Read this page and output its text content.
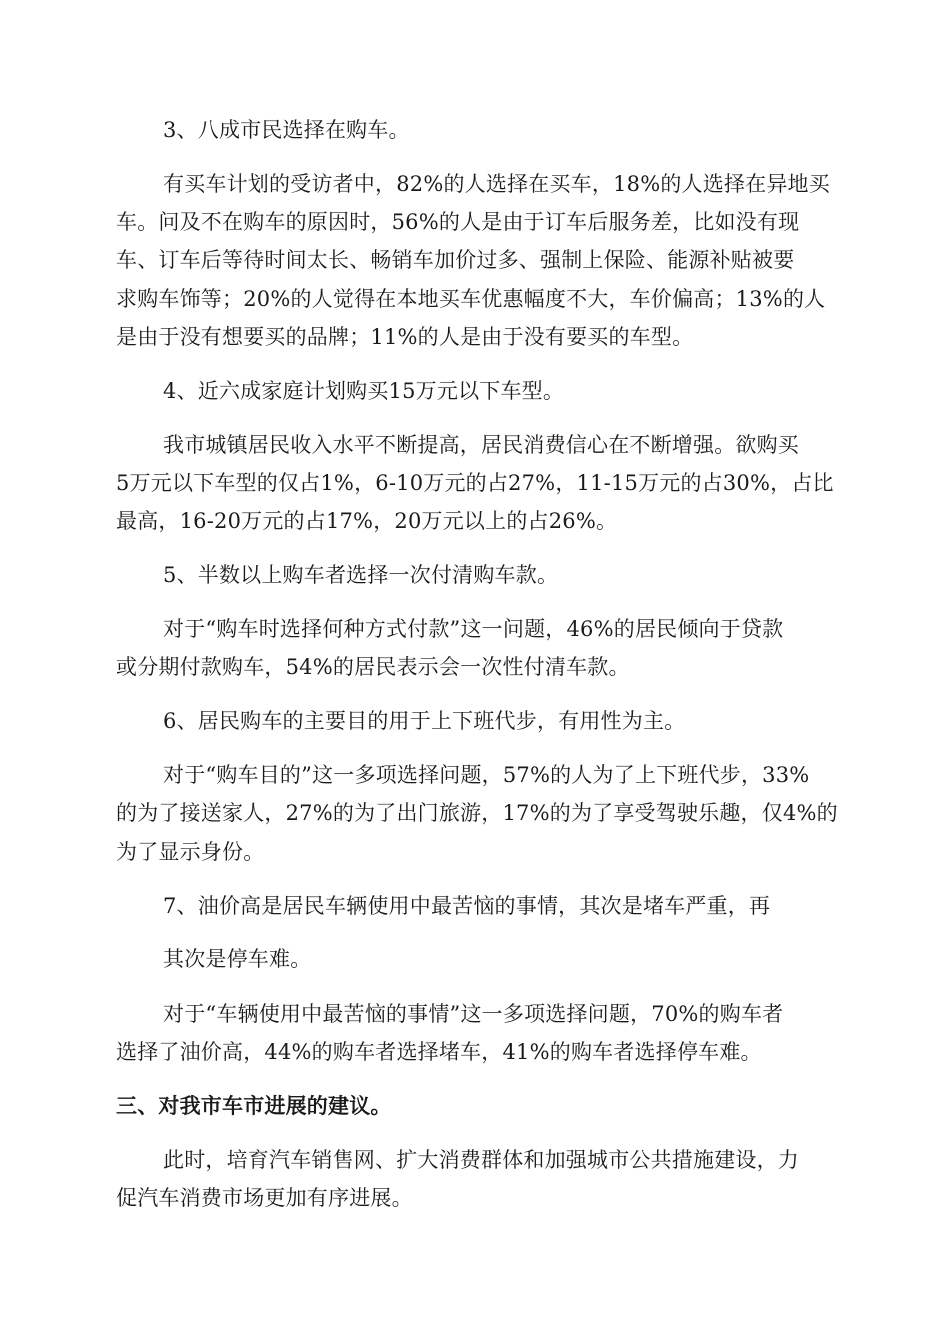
3、八成市民选择在购车。
有买车计划的受访者中，82%的人选择在买车，18%的人选择在异地买
车。问及不在购车的原因时，56%的人是由于订车后服务差，比如没有现
车、订车后等待时间太长、畅销车加价过多、强制上保险、能源补贴被要
求购车饰等；20%的人觉得在本地买车优惠幅度不大，车价偏高；13%的人
是由于没有想要买的品牌；11%的人是由于没有要买的车型。
4、近六成家庭计划购买15万元以下车型。
我市城镇居民收入水平不断提高，居民消费信心在不断增强。欲购买
5万元以下车型的仅占1%，6-10万元的占27%，11-15万元的占30%，占比
最高，16-20万元的占17%，20万元以上的占26%。
5、半数以上购车者选择一次付清购车款。
对于“购车时选择何种方式付款”这一问题，46%的居民倾向于贷款
或分期付款购车，54%的居民表示会一次性付清车款。
6、居民购车的主要目的用于上下班代步，有用性为主。
对于“购车目的”这一多项选择问题，57%的人为了上下班代步，33%
的为了接送家人，27%的为了出门旅游，17%的为了享受驾驶乐趣，仅4%的
为了显示身份。
7、油价高是居民车辆使用中最苦恼的事情，其次是堵车严重，再
其次是停车难。
对于“车辆使用中最苦恼的事情”这一多项选择问题，70%的购车者
选择了油价高，44%的购车者选择堵车，41%的购车者选择停车难。
三、对我市车市进展的建议。
此时，培育汽车销售网、扩大消费群体和加强城市公共措施建设，力
促汽车消费市场更加有序进展。
